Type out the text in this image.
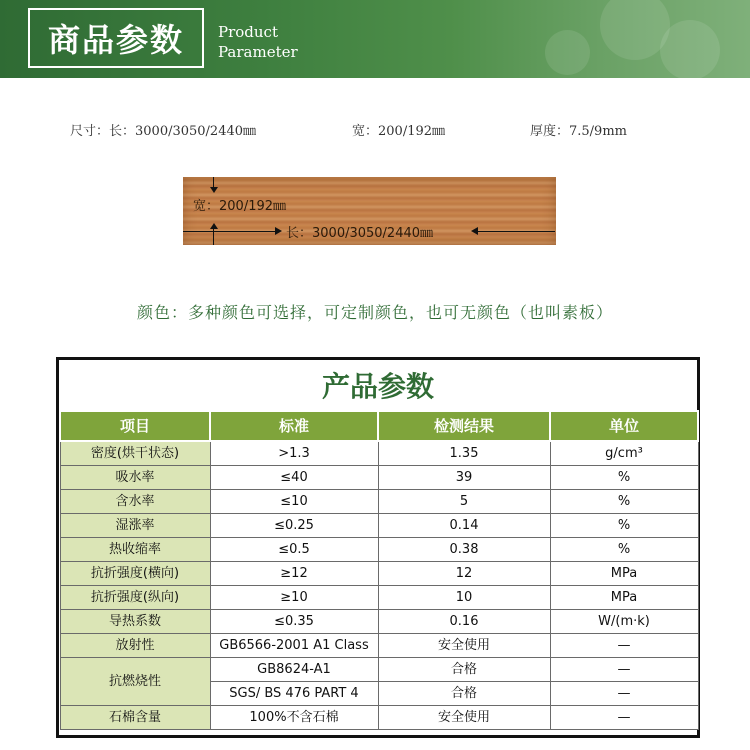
商品参数	Product
Parameter
尺寸：长：3000/3050/2440㎜	宽：200/192㎜	厚度：7.5/9mm
宽：200/192㎜
长：3000/3050/2440㎜
颜色：多种颜色可选择，可定制颜色，也可无颜色（也叫素板）
产品参数
项目	标准	检测结果	单位
密度(烘干状态)	>1.3	1.35	g/cm³
吸水率	≤40	39	%
含水率	≤10	5	%
湿涨率	≤0.25	0.14	%
热收缩率	≤0.5	0.38	%
抗折强度(横向)	≥12	12	MPa
抗折强度(纵向)	≥10	10	MPa
导热系数	≤0.35	0.16	W/(m·k)
放射性	GB6566-2001 A1 Class	安全使用	—
抗燃烧性	GB8624-A1	合格	—
	SGS/ BS 476 PART 4	合格	—
石棉含量	100%不含石棉	安全使用	—
